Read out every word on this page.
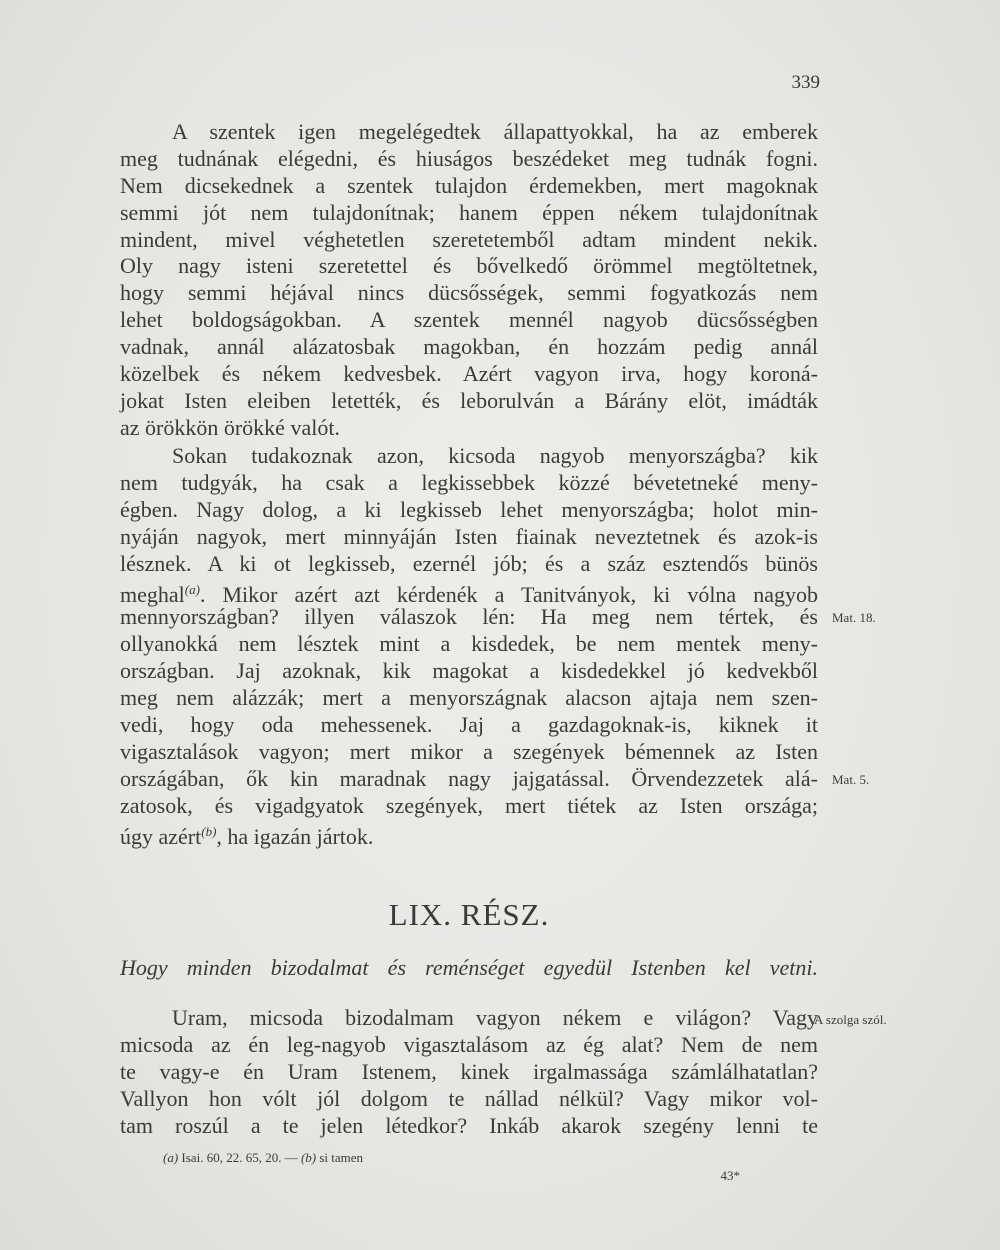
339
A szentek igen megelégedtek állapattyokkal, ha az emberek
meg tudnának elégedni, és hiuságos beszédeket meg tudnák fogni.
Nem dicsekednek a szentek tulajdon érdemekben, mert magoknak
semmi jót nem tulajdonítnak; hanem éppen nékem tulajdonítnak
mindent, mivel véghetetlen szeretetemből adtam mindent nekik.
Oly nagy isteni szeretettel és bővelkedő örömmel megtöltetnek,
hogy semmi héjával nincs dücsősségek, semmi fogyatkozás nem
lehet boldogságokban. A szentek mennél nagyob dücsősségben
vadnak, annál alázatosbak magokban, én hozzám pedig annál
közelbek és nékem kedvesbek. Azért vagyon irva, hogy koroná-
jokat Isten eleiben letették, és leborulván a Bárány elöt, imádták
az örökkön örökké valót.
Sokan tudakoznak azon, kicsoda nagyob menyországba? kik
nem tudgyák, ha csak a legkissebbek közzé bévetetneké meny-
égben. Nagy dolog, a ki legkisseb lehet menyországba; holot min-
nyáján nagyok, mert minnyáján Isten fiainak neveztetnek és azok-is
lésznek. A ki ot legkisseb, ezernél jób; és a száz esztendős bünös
meghal$^{(a)}$. Mikor azért azt kérdenék a Tanitványok, ki vólna nagyob
mennyországban? illyen válaszok lén: Ha meg nem tértek, és
ollyanokká nem lésztek mint a kisdedek, be nem mentek meny-
országban. Jaj azoknak, kik magokat a kisdedekkel jó kedvekből
meg nem alázzák; mert a menyországnak alacson ajtaja nem szen-
vedi, hogy oda mehessenek. Jaj a gazdagoknak-is, kiknek it
vigasztalások vagyon; mert mikor a szegények bémennek az Isten
országában, ők kin maradnak nagy jajgatással. Örvendezzetek alá-
zatosok, és vigadgyatok szegények, mert tiétek az Isten országa;
úgy azért$^{(b)}$, ha igazán jártok.
Mat. 18.
Mat. 5.
A szolga szól.
LIX. RÉSZ.
Hogy minden bizodalmat és reménséget egyedül Istenben kel vetni.
Uram, micsoda bizodalmam vagyon nékem e világon? Vagy
micsoda az én leg-nagyob vigasztalásom az ég alat? Nem de nem
te vagy-e én Uram Istenem, kinek irgalmassága számlálhatatlan?
Vallyon hon vólt jól dolgom te nállad nélkül? Vagy mikor vol-
tam roszúl a te jelen létedkor? Inkáb akarok szegény lenni te
(a) Isai. 60, 22. 65, 20. — (b) si tamen
43*
